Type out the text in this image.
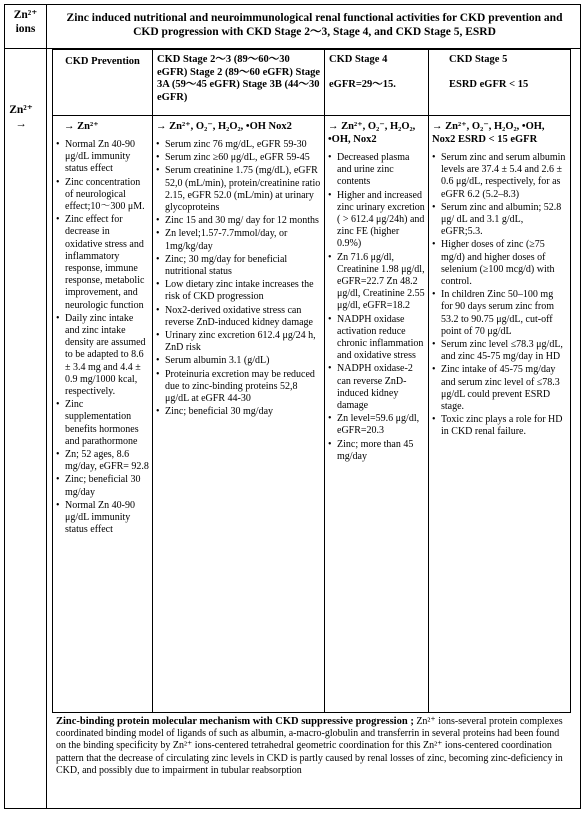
Zn²⁺ ions
Zinc induced nutritional and neuroimmunological renal functional activities for CKD prevention and CKD progression with CKD Stage 2〜3, Stage 4, and CKD Stage 5, ESRD
Zn²⁺ →
CKD Prevention
→ Zn²⁺
• Normal Zn 40-90 μg/dL immunity status effect
• Zinc concentration of neurological effect;10〜300 μM.
• Zinc effect for decrease in oxidative stress and inflammatory response, immune response, metabolic improvement, and neurologic function
• Daily zinc intake and zinc intake density are assumed to be adapted to 8.6 ± 3.4 mg and 4.4 ± 0.9 mg/1000 kcal, respectively.
• Zinc supplementation benefits hormones and parathormone
• Zn; 52 ages, 8.6 mg/day, eGFR= 92.8
• Zinc; beneficial 30 mg/day
• Normal Zn 40-90 μg/dL immunity status effect
CKD Stage 2〜3 (89〜60〜30 eGFR) Stage 2 (89〜60 eGFR) Stage 3A (59〜45 eGFR) Stage 3B (44〜30 eGFR)
→ Zn²⁺, O₂⁻, H₂O₂, •OH Nox2
• Serum zinc 76 mg/dL, eGFR 59-30
• Serum zinc ≥60 μg/dL, eGFR 59-45
• Serum creatinine 1.75 (mg/dL), eGFR 52,0 (mL/min), protein/creatinine ratio 2.15, eGFR 52.0 (mL/min) at urinary glycoproteins
• Zinc 15 and 30 mg/ day for 12 months
• Zn level;1.57-7.7mmol/day, or 1mg/kg/day
• Zinc; 30 mg/day for beneficial nutritional status
• Low dietary zinc intake increases the risk of CKD progression
• Nox2-derived oxidative stress can reverse ZnD-induced kidney damage
• Urinary zinc excretion 612.4 μg/24 h, ZnD risk
• Serum albumin 3.1 (g/dL)
• Proteinuria excretion may be reduced due to zinc-binding proteins 52,8 μg/dL at eGFR 44-30
• Zinc; beneficial 30 mg/day
CKD Stage 4

eGFR=29〜15.
→ Zn²⁺, O₂⁻, H₂O₂, •OH, Nox2
• Decreased plasma and urine zinc contents
• Higher and increased zinc urinary excretion ( > 612.4 μg/24h) and zinc FE (higher 0.9%)
• Zn 71.6 μg/dl, Creatinine 1.98 μg/dl, eGFR=22.7 Zn 48.2 μg/dl, Creatinine 2.55 μg/dl, eGFR=18.2
• NADPH oxidase activation reduce chronic inflammation and oxidative stress
• NADPH oxidase-2 can reverse ZnD-induced kidney damage
• Zn level=59.6 μg/dl, eGFR=20.3
• Zinc; more than 45 mg/day
CKD Stage 5

ESRD eGFR < 15
→ Zn²⁺, O₂⁻, H₂O₂, •OH, Nox2 ESRD < 15 eGFR
• Serum zinc and serum albumin levels are 37.4 ± 5.4 and 2.6 ± 0.6 μg/dL, respectively, for as eGFR 6.2 (5.2–8.3)
• Serum zinc and albumin; 52.8 μg/ dL and 3.1 g/dL, eGFR;5.3.
• Higher doses of zinc (≥75 mg/d) and higher doses of selenium (≥100 mcg/d) with control.
• In children Zinc 50–100 mg for 90 days serum zinc from 53.2 to 90.75 μg/dL, cut-off point of 70 μg/dL
• Serum zinc level ≤78.3 μg/dL, and zinc 45-75 mg/day in HD
• Zinc intake of 45-75 mg/day and serum zinc level of ≤78.3 μg/dL could prevent ESRD stage.
• Toxic zinc plays a role for HD in CKD renal failure.
Zinc-binding protein molecular mechanism with CKD suppressive progression ; Zn²⁺ ions-several protein complexes coordinated binding model of ligands of such as albumin, a-macro-globulin and transferrin in several proteins had been found on the binding specificity by Zn²⁺ ions-centered tetrahedral geometric coordination for this Zn²⁺ ions-centered coordination pattern that the decrease of circulating zinc levels in CKD is partly caused by renal losses of zinc, becoming zinc-deficiency in CKD, and possibly due to impairment in tubular reabsorption
